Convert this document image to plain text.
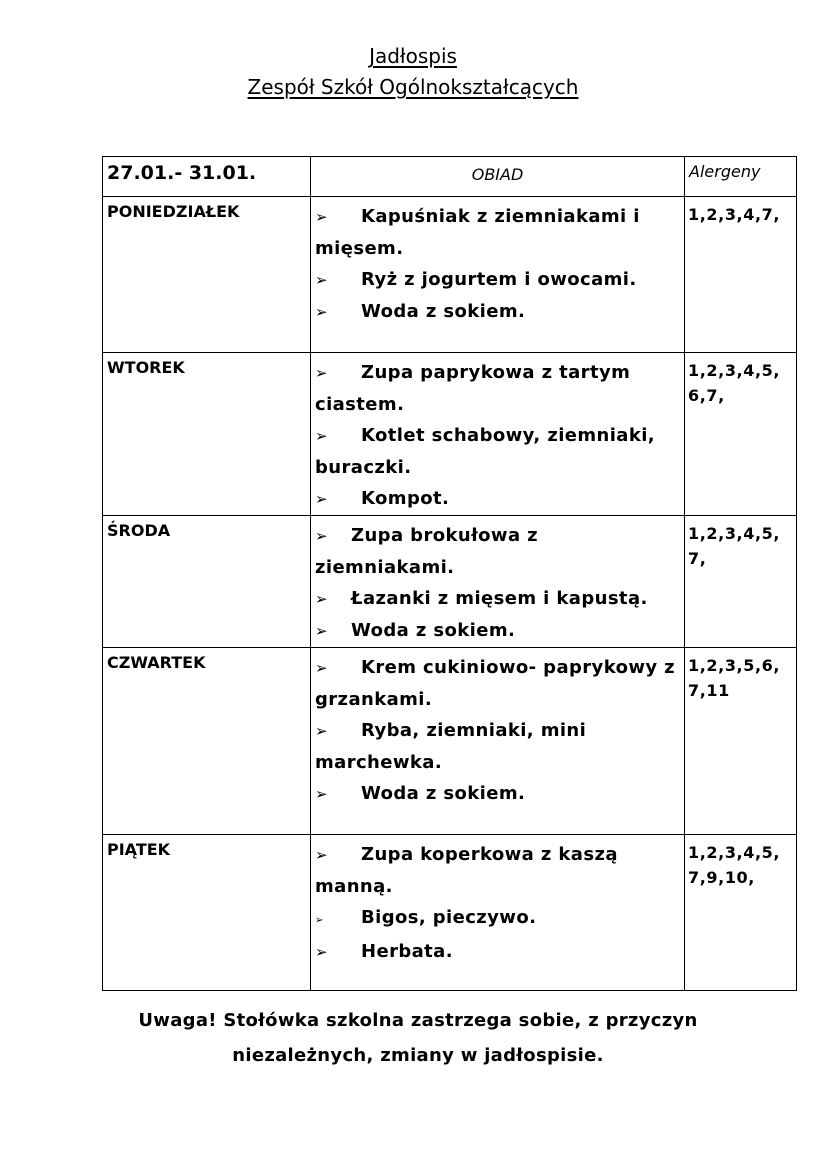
Jadłospis
Zespół Szkół Ogólnokształcących
27.01.- 31.01.	OBIAD	Alergeny
PONIEDZIAŁEK	➢ Kapuśniak z ziemniakami i mięsem.
➢ Ryż z jogurtem i owocami.
➢ Woda z sokiem.	1,2,3,4,7,
WTOREK	➢ Zupa paprykowa z tartym ciastem.
➢ Kotlet schabowy, ziemniaki, buraczki.
➢ Kompot.	1,2,3,4,5,6,7,
ŚRODA	➢ Zupa brokułowa z ziemniakami.
➢ Łazanki z mięsem i kapustą.
➢ Woda z sokiem.	1,2,3,4,5,7,
CZWARTEK	➢ Krem cukiniowo- paprykowy z grzankami.
➢ Ryba, ziemniaki, mini marchewka.
➢ Woda z sokiem.	1,2,3,5,6,7,11
PIĄTEK	➢ Zupa koperkowa z kaszą manną.
➢ Bigos, pieczywo.
➢ Herbata.	1,2,3,4,5,7,9,10,
Uwaga! Stołówka szkolna zastrzega sobie, z przyczyn
niezależnych, zmiany w jadłospisie.
